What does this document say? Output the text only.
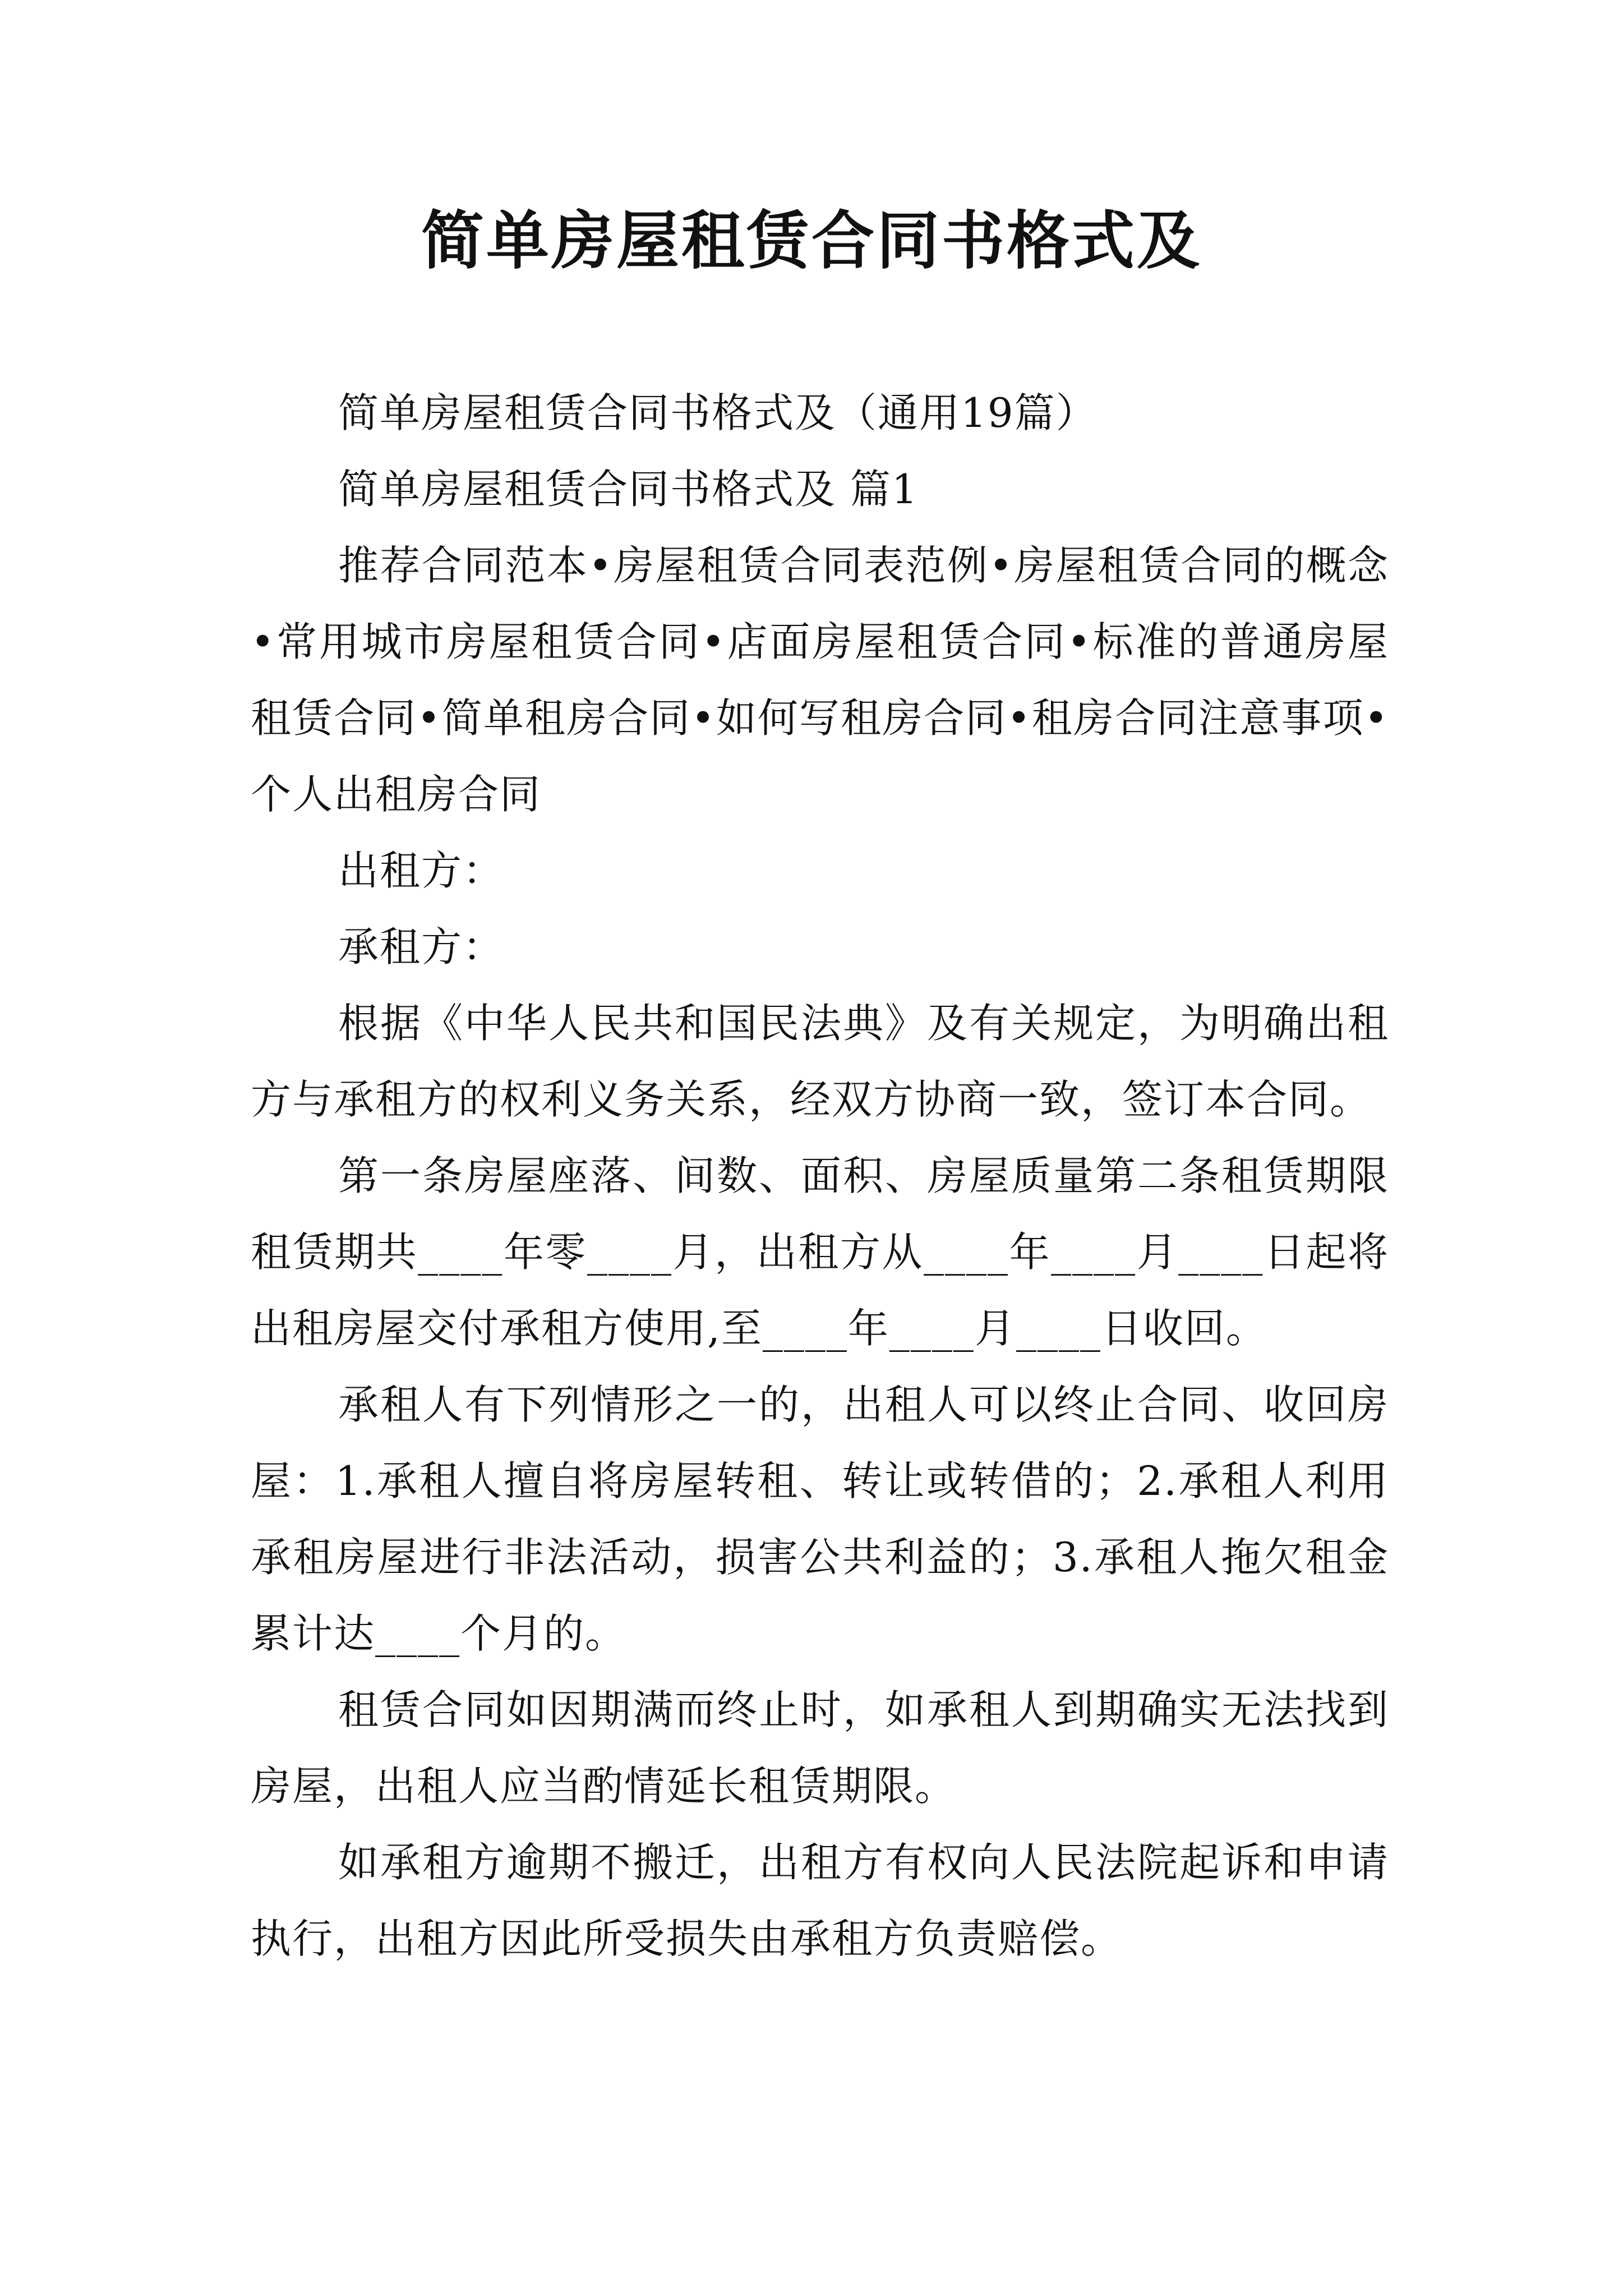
简单房屋租赁合同书格式及

简单房屋租赁合同书格式及（通用19篇）

简单房屋租赁合同书格式及 篇1

推荐合同范本•房屋租赁合同表范例•房屋租赁合同的概念•常用城市房屋租赁合同•店面房屋租赁合同•标准的普通房屋租赁合同•简单租房合同•如何写租房合同•租房合同注意事项•个人出租房合同

出租方：

承租方：

根据《中华人民共和国民法典》及有关规定，为明确出租方与承租方的权利义务关系，经双方协商一致，签订本合同。

第一条房屋座落、间数、面积、房屋质量第二条租赁期限租赁期共____年零____月，出租方从____年____月____日起将出租房屋交付承租方使用,至____年____月____日收回。

承租人有下列情形之一的，出租人可以终止合同、收回房屋：1.承租人擅自将房屋转租、转让或转借的；2.承租人利用承租房屋进行非法活动，损害公共利益的；3.承租人拖欠租金累计达____个月的。

租赁合同如因期满而终止时，如承租人到期确实无法找到房屋，出租人应当酌情延长租赁期限。

如承租方逾期不搬迁，出租方有权向人民法院起诉和申请执行，出租方因此所受损失由承租方负责赔偿。
